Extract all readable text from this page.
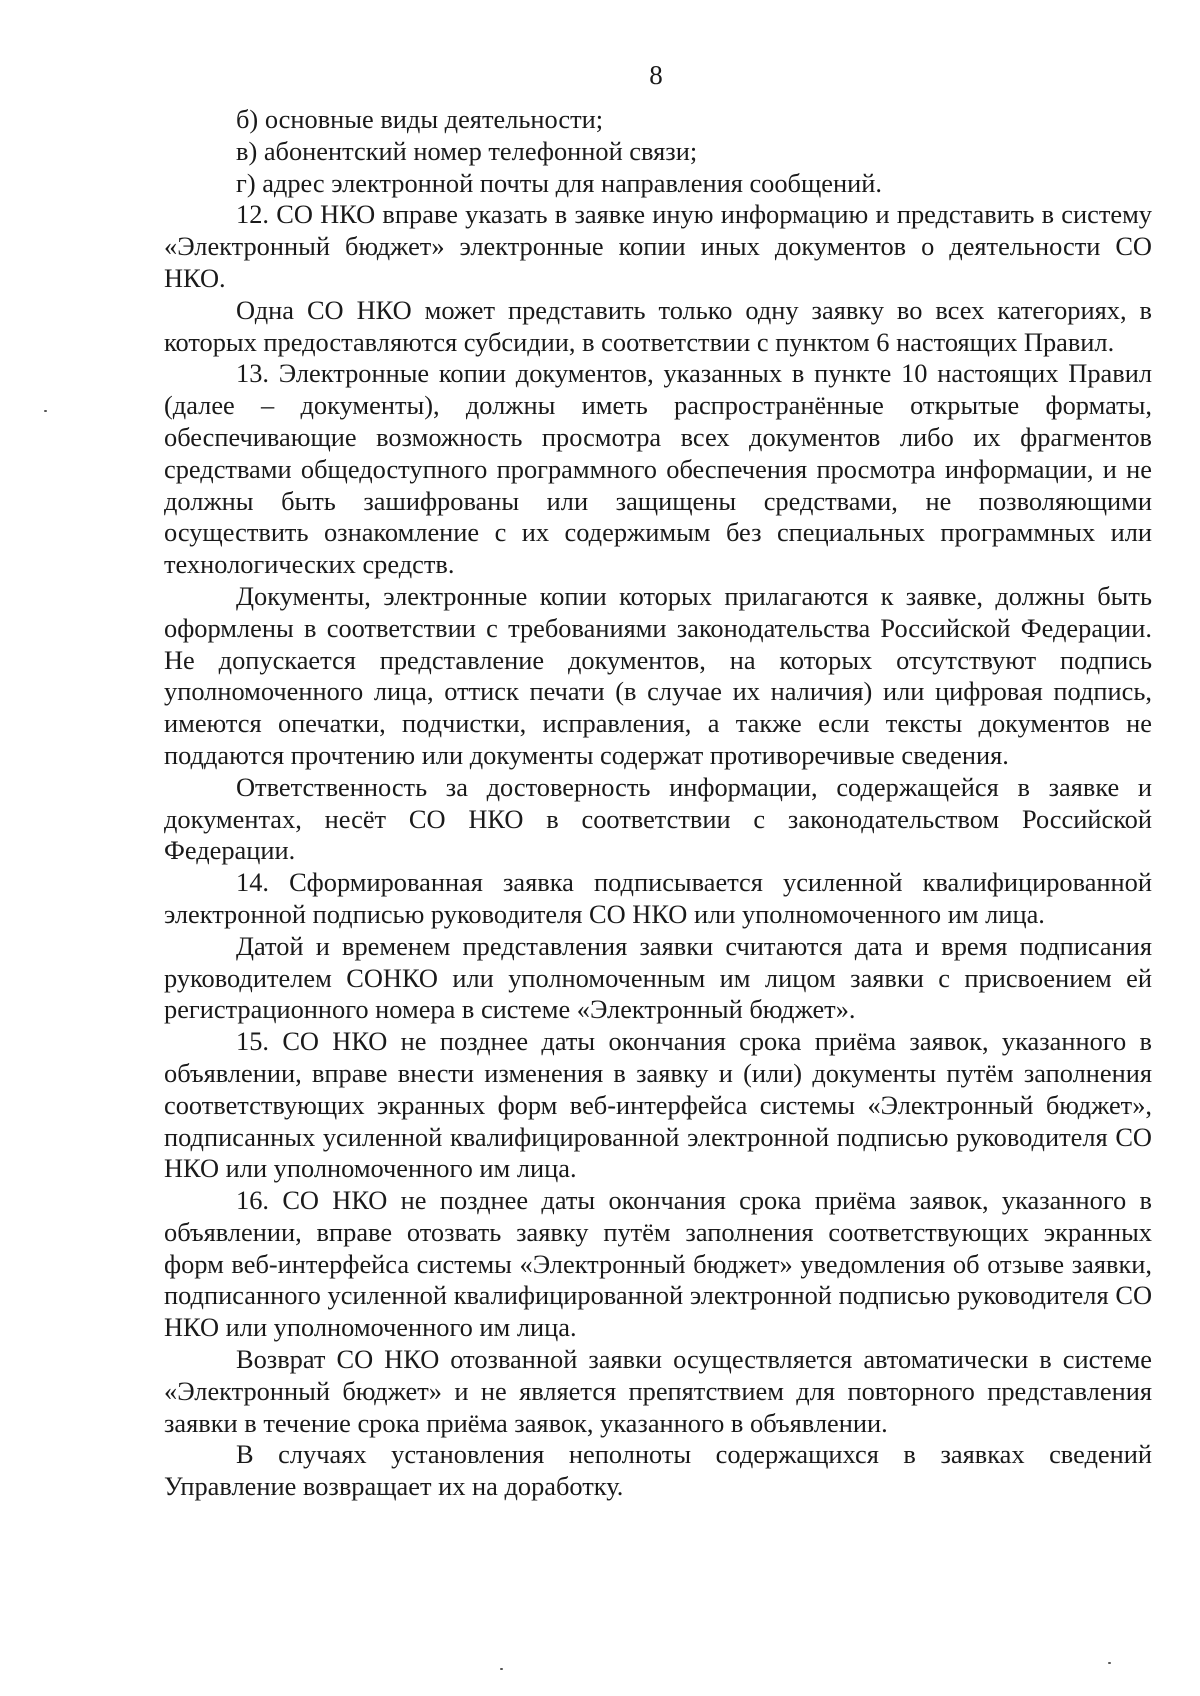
8

б) основные виды деятельности;

в) абонентский номер телефонной связи;

г) адрес электронной почты для направления сообщений.

12. СО НКО вправе указать в заявке иную информацию и представить в систему «Электронный бюджет» электронные копии иных документов о деятельности СО НКО.

Одна СО НКО может представить только одну заявку во всех категориях, в которых предоставляются субсидии, в соответствии с пунктом 6 настоящих Правил.

13. Электронные копии документов, указанных в пункте 10 настоящих Правил (далее – документы), должны иметь распространённые открытые форматы, обеспечивающие возможность просмотра всех документов либо их фрагментов средствами общедоступного программного обеспечения просмотра информации, и не должны быть зашифрованы или защищены средствами, не позволяющими осуществить ознакомление с их содержимым без специальных программных или технологических средств.

Документы, электронные копии которых прилагаются к заявке, должны быть оформлены в соответствии с требованиями законодательства Российской Федерации. Не допускается представление документов, на которых отсутствуют подпись уполномоченного лица, оттиск печати (в случае их наличия) или цифровая подпись, имеются опечатки, подчистки, исправления, а также если тексты документов не поддаются прочтению или документы содержат противоречивые сведения.

Ответственность за достоверность информации, содержащейся в заявке и документах, несёт СО НКО в соответствии с законодательством Российской Федерации.

14. Сформированная заявка подписывается усиленной квалифицированной электронной подписью руководителя СО НКО или уполномоченного им лица.

Датой и временем представления заявки считаются дата и время подписания руководителем СОНКО или уполномоченным им лицом заявки с присвоением ей регистрационного номера в системе «Электронный бюджет».

15. СО НКО не позднее даты окончания срока приёма заявок, указанного в объявлении, вправе внести изменения в заявку и (или) документы путём заполнения соответствующих экранных форм веб-интерфейса системы «Электронный бюджет», подписанных усиленной квалифицированной электронной подписью руководителя СО НКО или уполномоченного им лица.

16. СО НКО не позднее даты окончания срока приёма заявок, указанного в объявлении, вправе отозвать заявку путём заполнения соответствующих экранных форм веб-интерфейса системы «Электронный бюджет» уведомления об отзыве заявки, подписанного усиленной квалифицированной электронной подписью руководителя СО НКО или уполномоченного им лица.

Возврат СО НКО отозванной заявки осуществляется автоматически в системе «Электронный бюджет» и не является препятствием для повторного представления заявки в течение срока приёма заявок, указанного в объявлении.

В случаях установления неполноты содержащихся в заявках сведений Управление возвращает их на доработку.
